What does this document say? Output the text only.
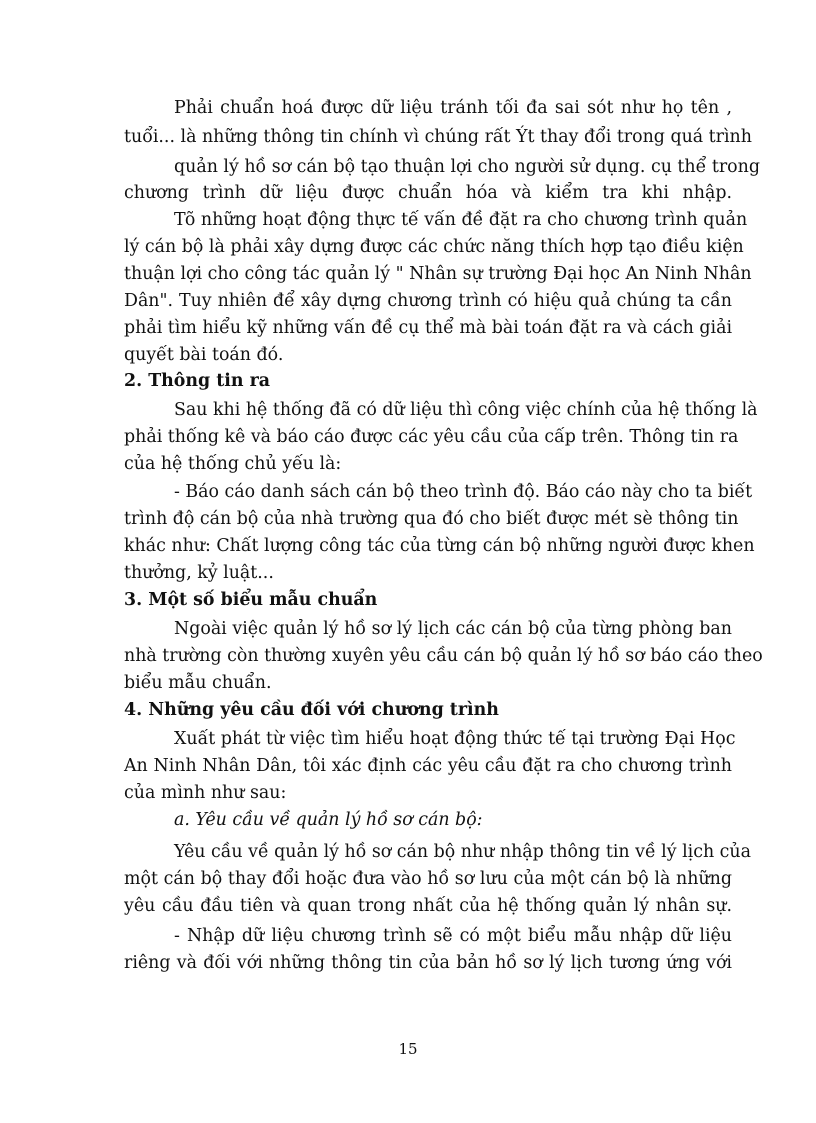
Phải chuẩn hoá được dữ liệu tránh tối đa sai sót như họ tên ,
tuổi... là những thông tin chính vì chúng rất Ýt thay đổi trong quá trình
quản lý hồ sơ cán bộ tạo thuận lợi cho người sử dụng. cụ thể trong
chương trình dữ liệu được chuẩn hóa và kiểm tra khi nhập.
Tõ những hoạt động thực tế vấn đề đặt ra cho chương trình quản
lý cán bộ là phải xây dựng được các chức năng thích hợp tạo điều kiện
thuận lợi cho công tác quản lý " Nhân sự trường Đại học An Ninh Nhân
Dân". Tuy nhiên để xây dựng chương trình có hiệu quả chúng ta cần
phải tìm hiểu kỹ những vấn đề cụ thể mà bài toán đặt ra và cách giải
quyết bài toán đó.
2. Thông tin ra
Sau khi hệ thống đã có dữ liệu thì công việc chính của hệ thống là
phải thống kê và báo cáo được các yêu cầu của cấp trên. Thông tin ra
của hệ thống chủ yếu là:
- Báo cáo danh sách cán bộ theo trình độ. Báo cáo này cho ta biết
trình độ cán bộ của nhà trường qua đó cho biết được mét sè thông tin
khác như: Chất lượng công tác của từng cán bộ những người được khen
thưởng, kỷ luật...
3. Một số biểu mẫu chuẩn
Ngoài việc quản lý hồ sơ lý lịch các cán bộ của từng phòng ban
nhà trường còn thường xuyên yêu cầu cán bộ quản lý hồ sơ báo cáo theo
biểu mẫu chuẩn.
4. Những yêu cầu đối với chương trình
Xuất phát từ việc tìm hiểu hoạt động thức tế tại trường Đại Học
An Ninh Nhân Dân, tôi xác định các yêu cầu đặt ra cho chương trình
của mình như sau:
a. Yêu cầu về quản lý hồ sơ cán bộ:
Yêu cầu về quản lý hồ sơ cán bộ như nhập thông tin về lý lịch của
một cán bộ thay đổi hoặc đưa vào hồ sơ lưu của một cán bộ là những
yêu cầu đầu tiên và quan trong nhất của hệ thống quản lý nhân sự.
- Nhập dữ liệu chương trình sẽ có một biểu mẫu nhập dữ liệu
riêng và đối với những thông tin của bản hồ sơ lý lịch tương ứng với
15
